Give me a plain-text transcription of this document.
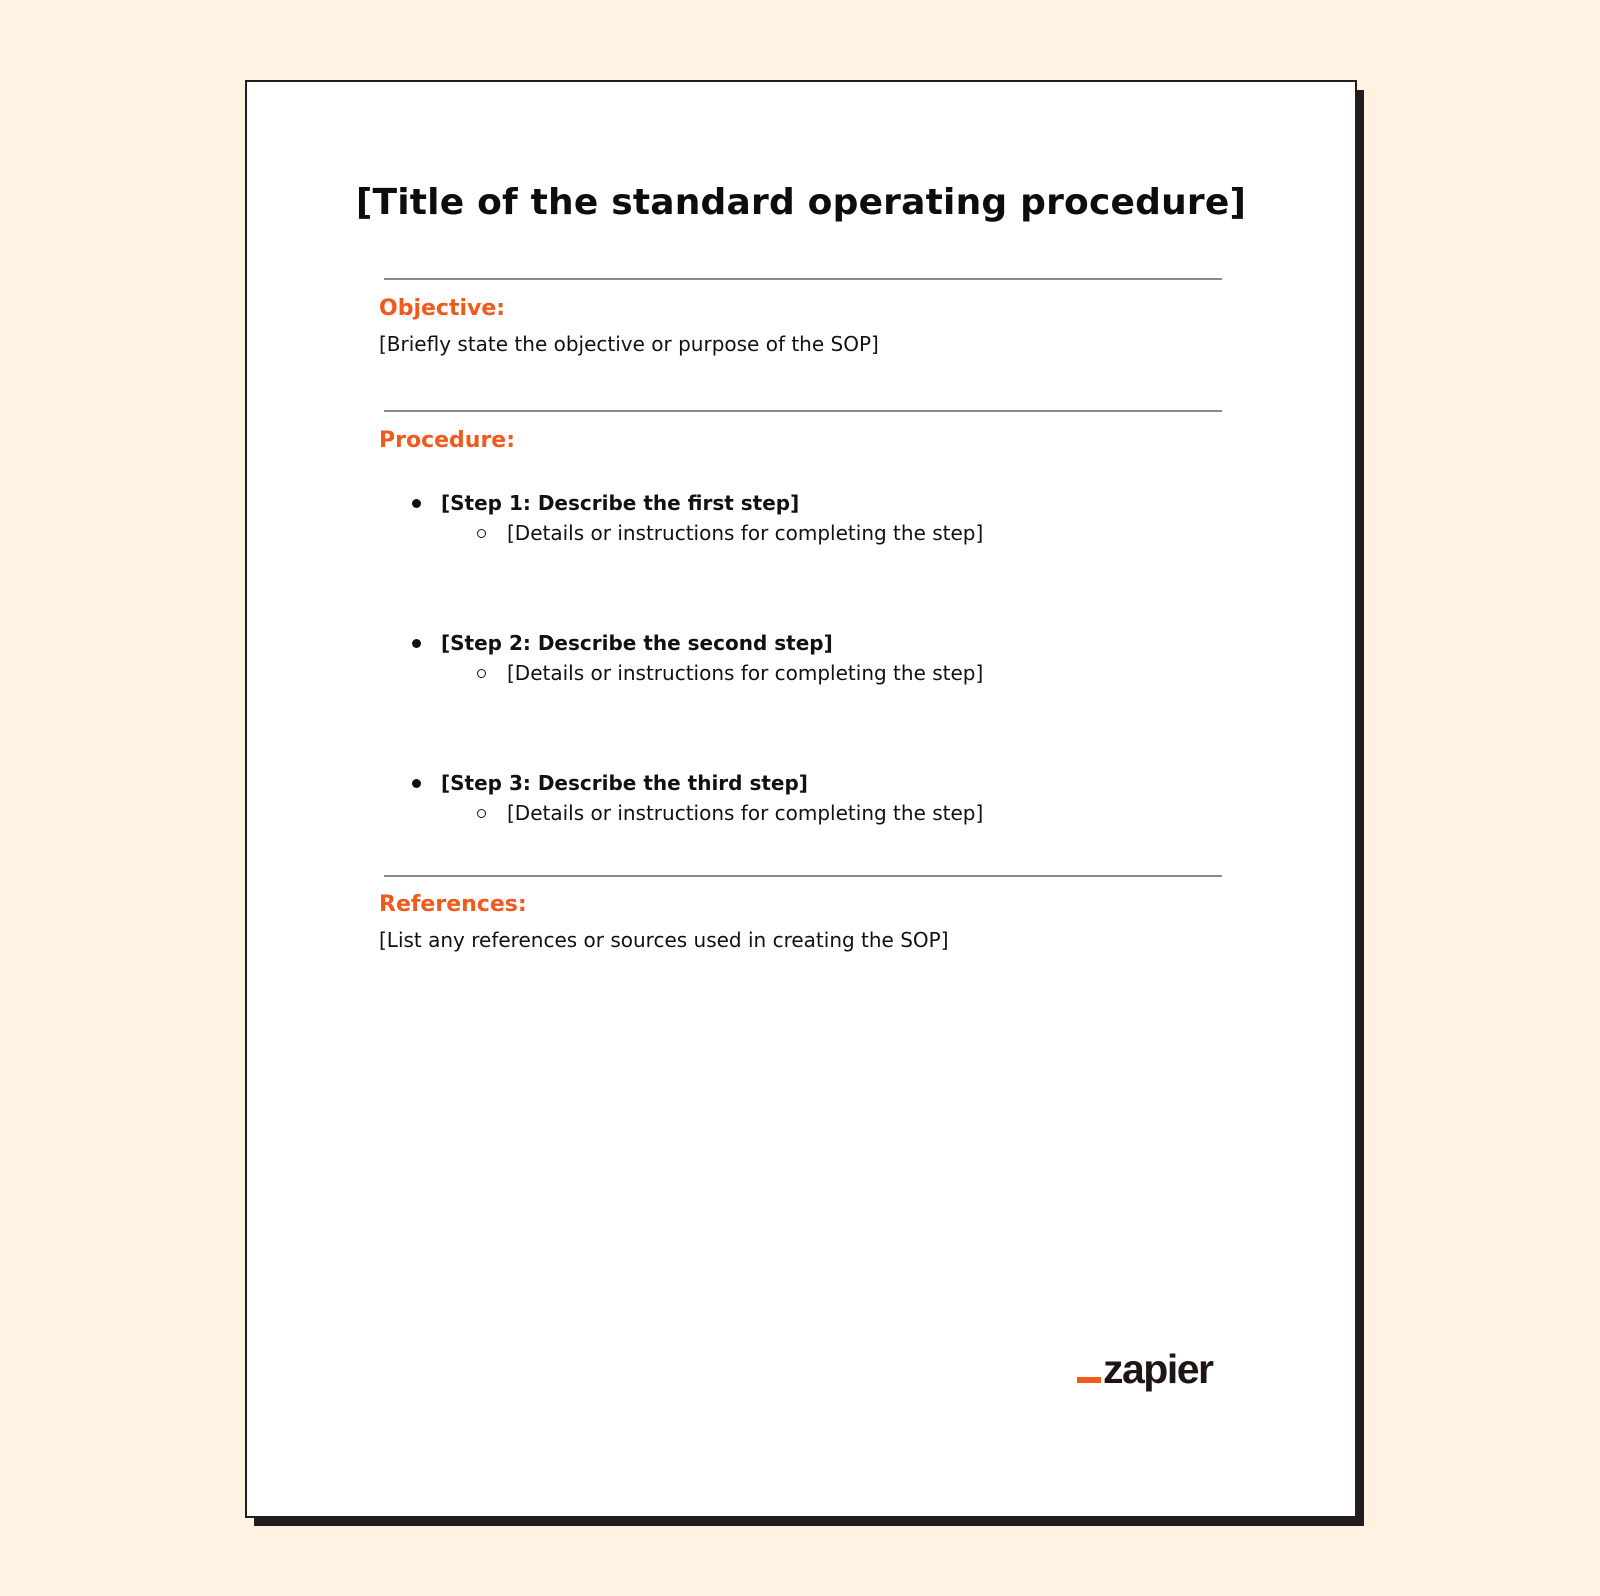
[Title of the standard operating procedure]
Objective:
[Briefly state the objective or purpose of the SOP]
Procedure:
[Step 1: Describe the first step]
[Details or instructions for completing the step]
[Step 2: Describe the second step]
[Details or instructions for completing the step]
[Step 3: Describe the third step]
[Details or instructions for completing the step]
References:
[List any references or sources used in creating the SOP]
zapier
